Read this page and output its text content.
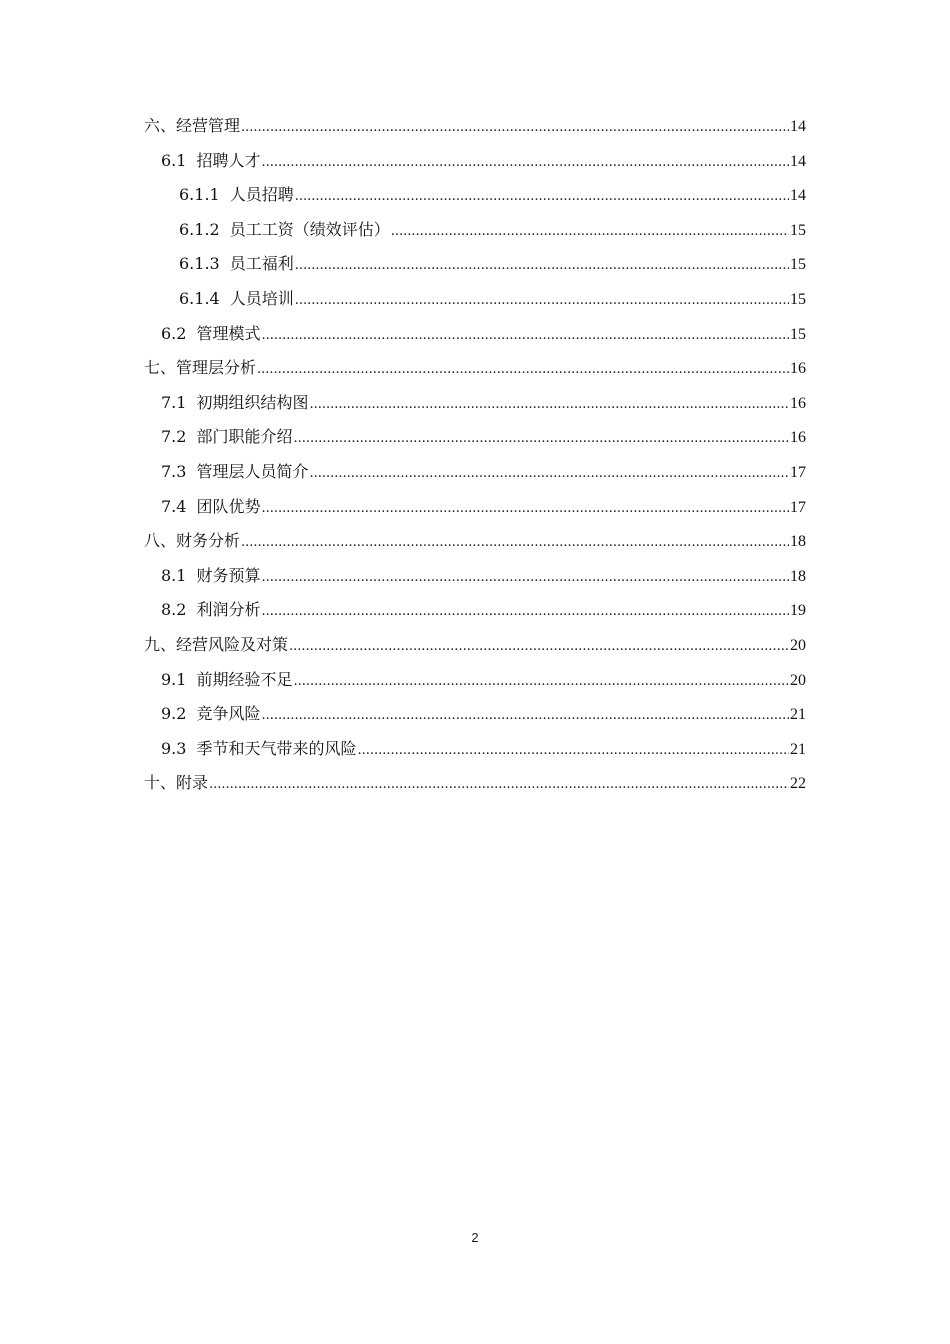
六、经营管理 .....	14
6.1 招聘人才 .....	14
6.1.1 人员招聘 .....	14
6.1.2 员工工资（绩效评估） .....	15
6.1.3 员工福利 .....	15
6.1.4 人员培训 .....	15
6.2 管理模式 .....	15
七、管理层分析 .....	16
7.1 初期组织结构图 .....	16
7.2 部门职能介绍 .....	16
7.3 管理层人员简介 .....	17
7.4 团队优势 .....	17
八、财务分析 .....	18
8.1 财务预算 .....	18
8.2 利润分析 .....	19
九、经营风险及对策 .....	20
9.1 前期经验不足 .....	20
9.2 竞争风险 .....	21
9.3 季节和天气带来的风险 .....	21
十、附录 .....	22
2
